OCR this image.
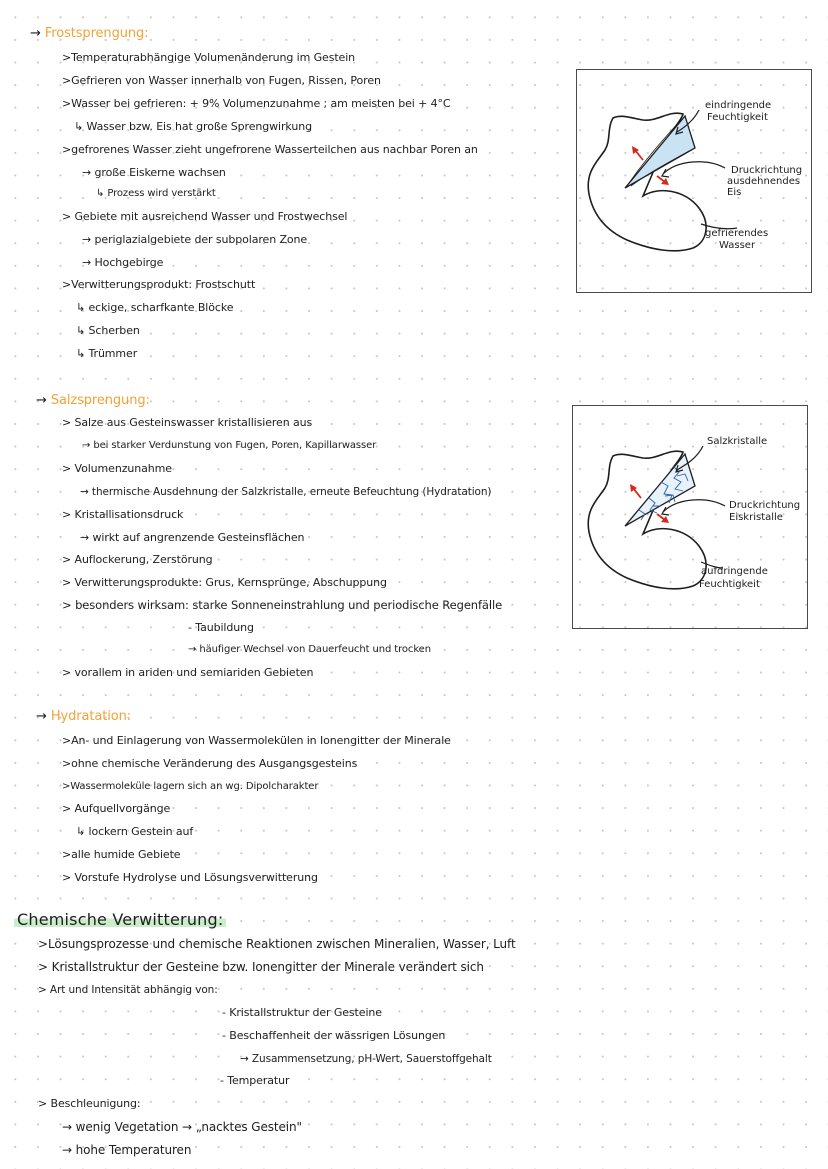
→ Frostsprengung:
>Temperaturabhängige Volumenänderung im Gestein
>Gefrieren von Wasser innerhalb von Fugen, Rissen, Poren
>Wasser bei gefrieren: + 9% Volumenzunahme ; am meisten bei + 4°C
↳ Wasser bzw. Eis hat große Sprengwirkung
>gefrorenes Wasser zieht ungefrorene Wasserteilchen aus nachbar Poren an
→ große Eiskerne wachsen
↳ Prozess wird verstärkt
> Gebiete mit ausreichend Wasser und Frostwechsel
→ periglazialgebiete der subpolaren Zone
→ Hochgebirge
>Verwitterungsprodukt: Frostschutt
↳ eckige, scharfkante Blöcke
↳ Scherben
↳ Trümmer
eindringende
Feuchtigkeit
Druckrichtung
ausdehnendes
Eis
gefrierendes
Wasser
→ Salzsprengung:
> Salze aus Gesteinswasser kristallisieren aus
→ bei starker Verdunstung von Fugen, Poren, Kapillarwasser
> Volumenzunahme
→ thermische Ausdehnung der Salzkristalle, erneute Befeuchtung (Hydratation)
> Kristallisationsdruck
→ wirkt auf angrenzende Gesteinsflächen
> Auflockerung, Zerstörung
> Verwitterungsprodukte: Grus, Kernsprünge, Abschuppung
> besonders wirksam: starke Sonneneinstrahlung und periodische Regenfälle
- Taubildung
→ häufiger Wechsel von Dauerfeucht und trocken
> vorallem in ariden und semiariden Gebieten
Salzkristalle
Druckrichtung
Eiskristalle
aufdringende
Feuchtigkeit
→ Hydratation:
>An- und Einlagerung von Wassermolekülen in Ionengitter der Minerale
>ohne chemische Veränderung des Ausgangsgesteins
>Wassermoleküle lagern sich an wg. Dipolcharakter
> Aufquellvorgänge
↳ lockern Gestein auf
>alle humide Gebiete
> Vorstufe Hydrolyse und Lösungsverwitterung
Chemische Verwitterung:
>Lösungsprozesse und chemische Reaktionen zwischen Mineralien, Wasser, Luft
> Kristallstruktur der Gesteine bzw. Ionengitter der Minerale verändert sich
> Art und Intensität abhängig von:
- Kristallstruktur der Gesteine
- Beschaffenheit der wässrigen Lösungen
→ Zusammensetzung, pH-Wert, Sauerstoffgehalt
- Temperatur
> Beschleunigung:
→ wenig Vegetation → „nacktes Gestein"
→ hohe Temperaturen
